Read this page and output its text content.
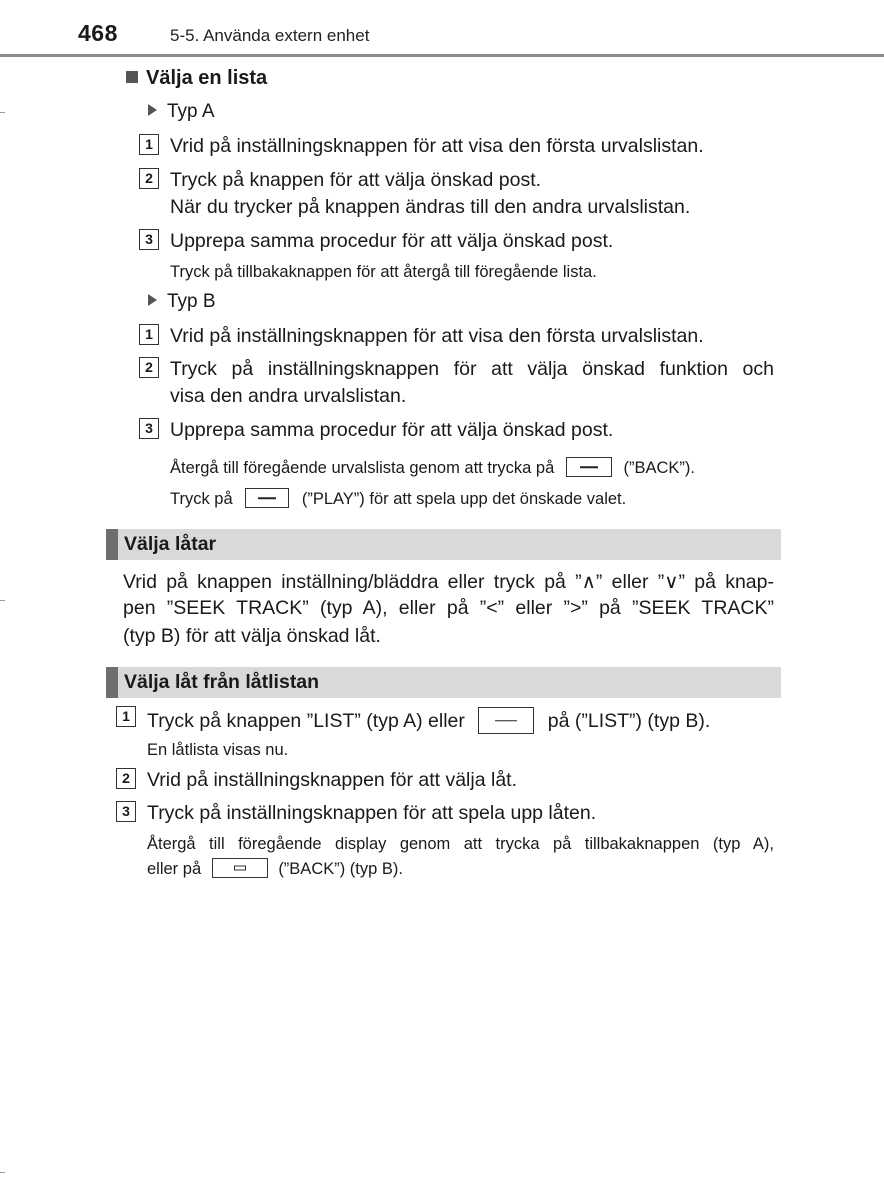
468	5-5. Använda extern enhet
Välja en lista
Typ A
1 Vrid på inställningsknappen för att visa den första urvalslistan.
2 Tryck på knappen för att välja önskad post.
När du trycker på knappen ändras till den andra urvalslistan.
3 Upprepa samma procedur för att välja önskad post.
Tryck på tillbakaknappen för att återgå till föregående lista.
Typ B
1 Vrid på inställningsknappen för att visa den första urvalslistan.
2 Tryck på inställningsknappen för att välja önskad funktion och
visa den andra urvalslistan.
3 Upprepa samma procedur för att välja önskad post.
Återgå till föregående urvalslista genom att trycka på	(”BACK”).
Tryck på	(”PLAY”) för att spela upp det önskade valet.
Välja låtar
Vrid på knappen inställning/bläddra eller tryck på ”∧” eller ”∨” på knap-
pen ”SEEK TRACK” (typ A), eller på ”<” eller ”>” på ”SEEK TRACK”
(typ B) för att välja önskad låt.
Välja låt från låtlistan
1 Tryck på knappen ”LIST” (typ A) eller	på (”LIST”) (typ B).
En låtlista visas nu.
2 Vrid på inställningsknappen för att välja låt.
3 Tryck på inställningsknappen för att spela upp låten.
Återgå till föregående display genom att trycka på tillbakaknappen (typ A),
eller på	(”BACK”) (typ B).
